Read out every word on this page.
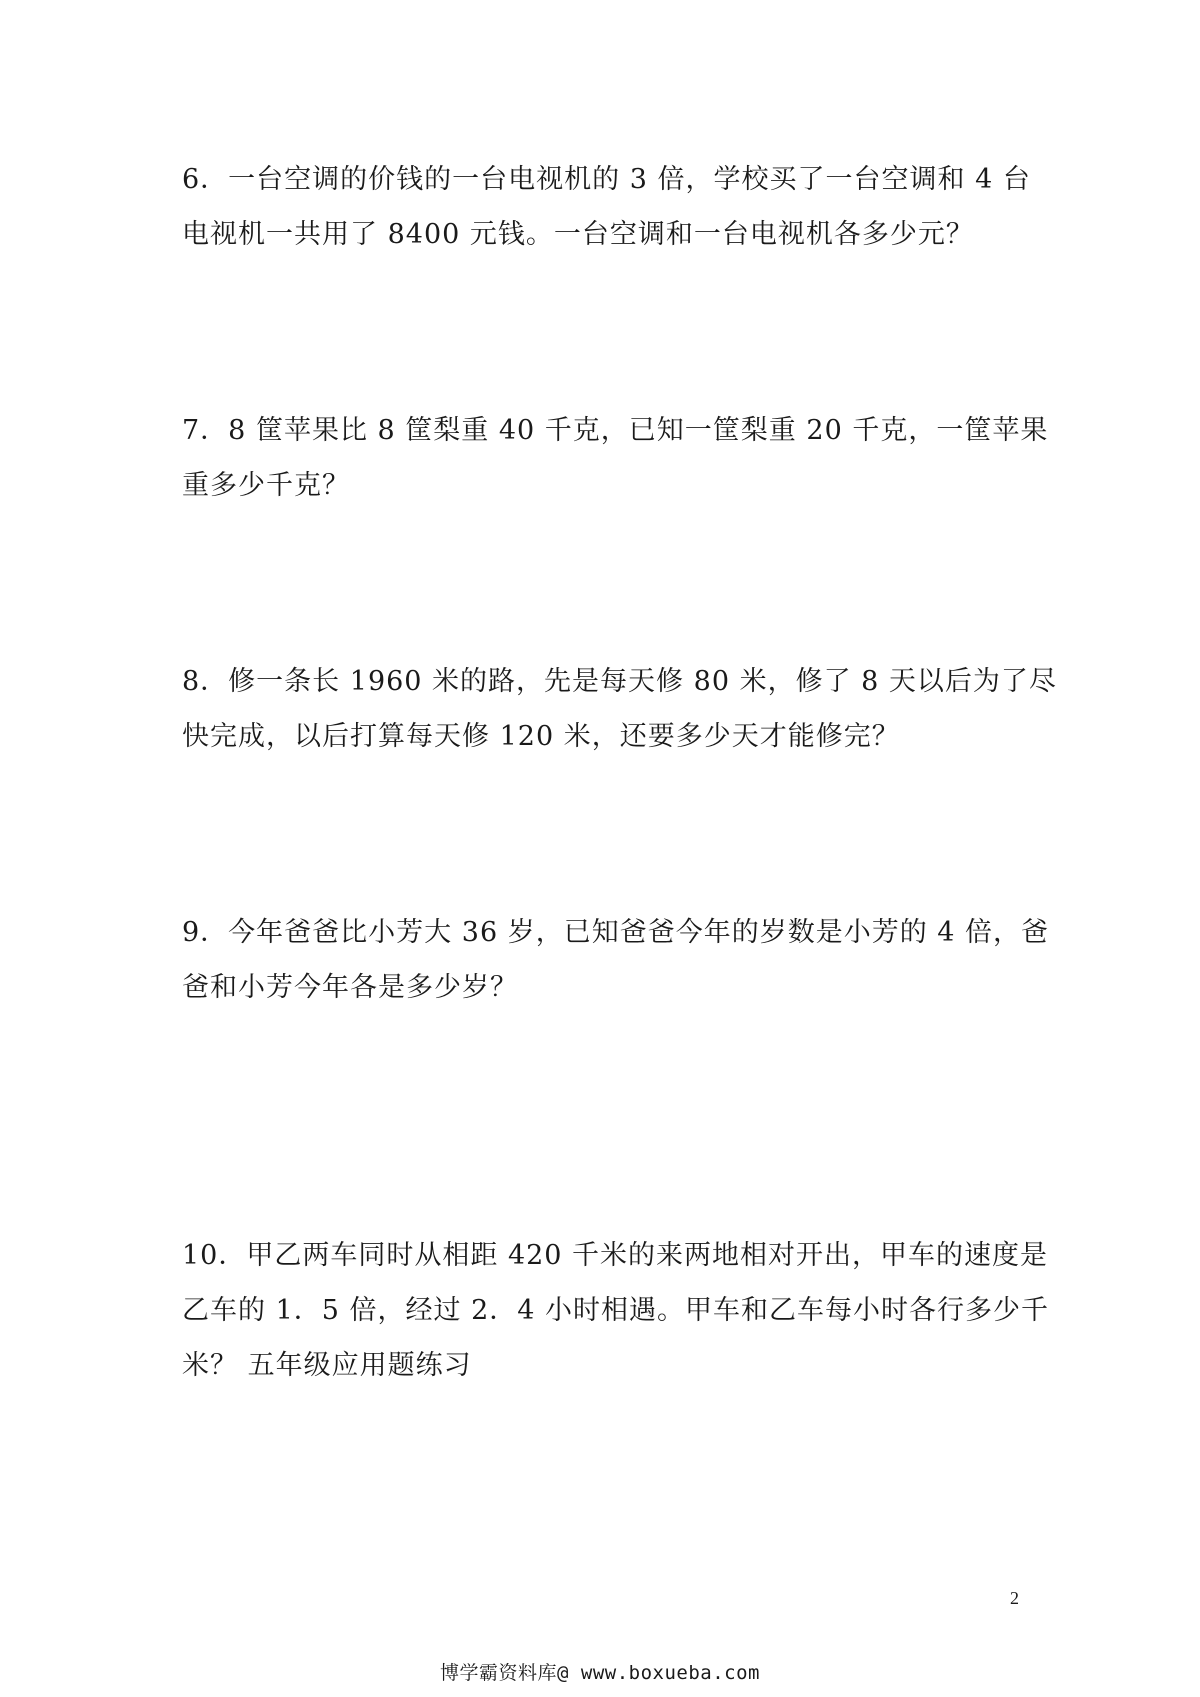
6．一台空调的价钱的一台电视机的 3 倍，学校买了一台空调和 4 台
电视机一共用了 8400 元钱。一台空调和一台电视机各多少元？
7．8 筐苹果比 8 筐梨重 40 千克，已知一筐梨重 20 千克，一筐苹果
重多少千克？
8．修一条长 1960 米的路，先是每天修 80 米，修了 8 天以后为了尽
快完成，以后打算每天修 120 米，还要多少天才能修完？
9．今年爸爸比小芳大 36 岁，已知爸爸今年的岁数是小芳的 4 倍，爸
爸和小芳今年各是多少岁？
10．甲乙两车同时从相距 420 千米的来两地相对开出，甲车的速度是
乙车的 1．5 倍，经过 2．4 小时相遇。甲车和乙车每小时各行多少千
米？ 五年级应用题练习
2
博学霸资料库@ www.boxueba.com
